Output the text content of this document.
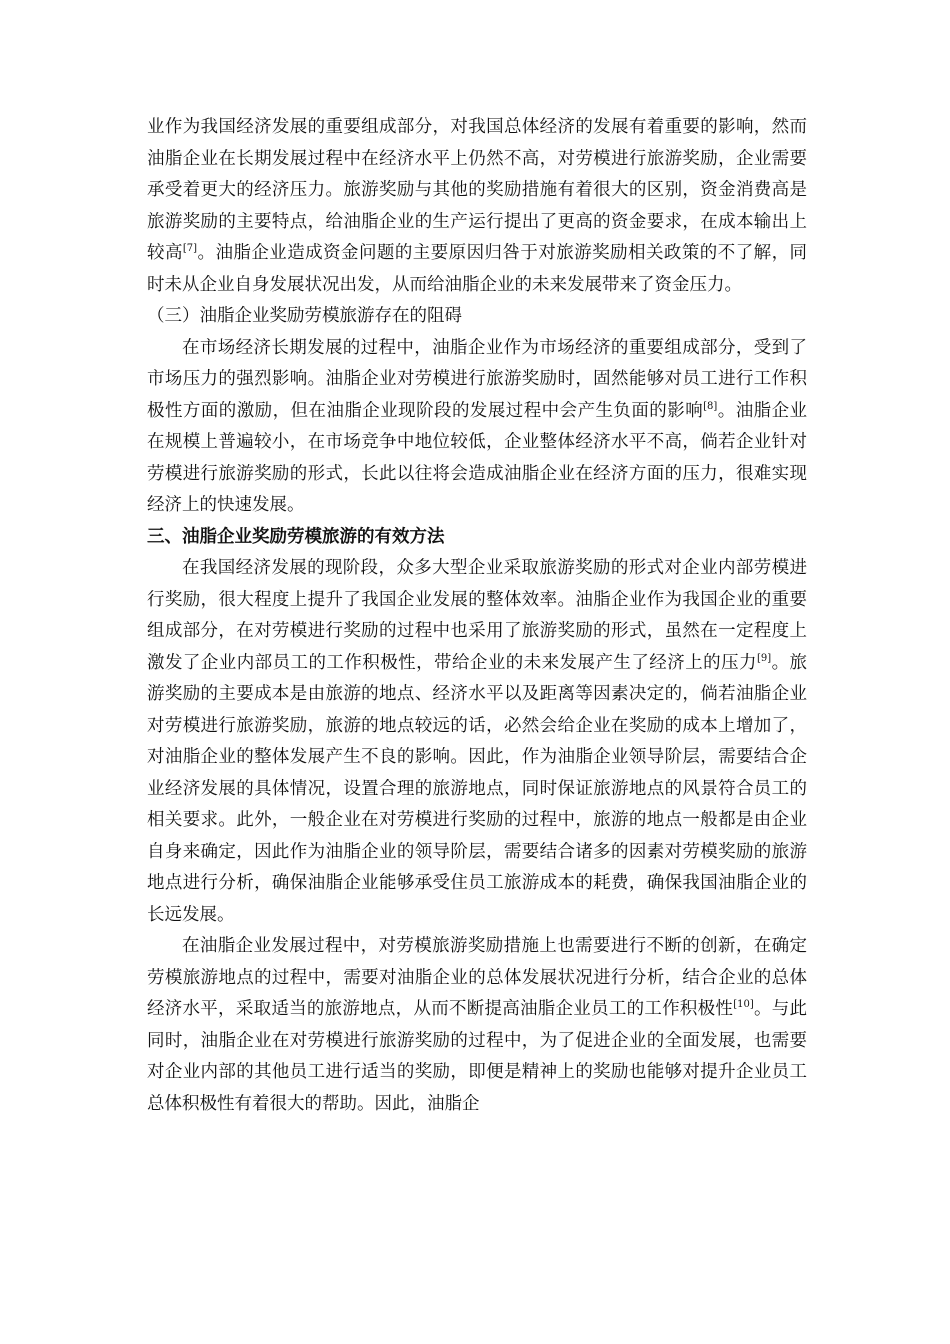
业作为我国经济发展的重要组成部分，对我国总体经济的发展有着重要的影响，然而油脂企业在长期发展过程中在经济水平上仍然不高，对劳模进行旅游奖励，企业需要承受着更大的经济压力。旅游奖励与其他的奖励措施有着很大的区别，资金消费高是旅游奖励的主要特点，给油脂企业的生产运行提出了更高的资金要求，在成本输出上较高[7]。油脂企业造成资金问题的主要原因归咎于对旅游奖励相关政策的不了解，同时未从企业自身发展状况出发，从而给油脂企业的未来发展带来了资金压力。

（三）油脂企业奖励劳模旅游存在的阻碍

在市场经济长期发展的过程中，油脂企业作为市场经济的重要组成部分，受到了市场压力的强烈影响。油脂企业对劳模进行旅游奖励时，固然能够对员工进行工作积极性方面的激励，但在油脂企业现阶段的发展过程中会产生负面的影响[8]。油脂企业在规模上普遍较小，在市场竞争中地位较低，企业整体经济水平不高，倘若企业针对劳模进行旅游奖励的形式，长此以往将会造成油脂企业在经济方面的压力，很难实现经济上的快速发展。

三、油脂企业奖励劳模旅游的有效方法

在我国经济发展的现阶段，众多大型企业采取旅游奖励的形式对企业内部劳模进行奖励，很大程度上提升了我国企业发展的整体效率。油脂企业作为我国企业的重要组成部分，在对劳模进行奖励的过程中也采用了旅游奖励的形式，虽然在一定程度上激发了企业内部员工的工作积极性，带给企业的未来发展产生了经济上的压力[9]。旅游奖励的主要成本是由旅游的地点、经济水平以及距离等因素决定的，倘若油脂企业对劳模进行旅游奖励，旅游的地点较远的话，必然会给企业在奖励的成本上增加了，对油脂企业的整体发展产生不良的影响。因此，作为油脂企业领导阶层，需要结合企业经济发展的具体情况，设置合理的旅游地点，同时保证旅游地点的风景符合员工的相关要求。此外，一般企业在对劳模进行奖励的过程中，旅游的地点一般都是由企业自身来确定，因此作为油脂企业的领导阶层，需要结合诸多的因素对劳模奖励的旅游地点进行分析，确保油脂企业能够承受住员工旅游成本的耗费，确保我国油脂企业的长远发展。

在油脂企业发展过程中，对劳模旅游奖励措施上也需要进行不断的创新，在确定劳模旅游地点的过程中，需要对油脂企业的总体发展状况进行分析，结合企业的总体经济水平，采取适当的旅游地点，从而不断提高油脂企业员工的工作积极性[10]。与此同时，油脂企业在对劳模进行旅游奖励的过程中，为了促进企业的全面发展，也需要对企业内部的其他员工进行适当的奖励，即便是精神上的奖励也能够对提升企业员工总体积极性有着很大的帮助。因此，油脂企
